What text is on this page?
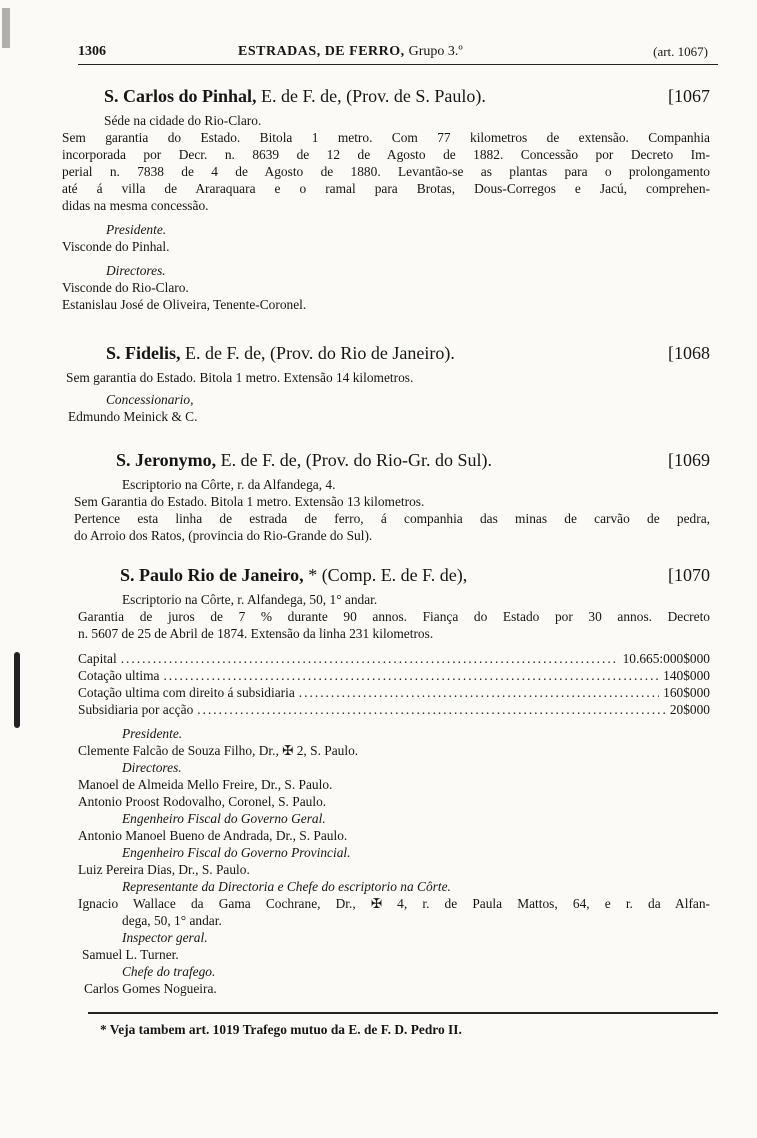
1306	ESTRADAS, DE FERRO, Grupo 3.º	(art. 1067)
S. Carlos do Pinhal, E. de F. de, (Prov. de S. Paulo).	[1067
Séde na cidade do Rio-Claro.
Sem garantia do Estado. Bitola 1 metro. Com 77 kilometros de extensão. Companhia
incorporada por Decr. n. 8639 de 12 de Agosto de 1882. Concessão por Decreto Im-
perial n. 7838 de 4 de Agosto de 1880. Levantão-se as plantas para o prolongamento
até á villa de Araraquara e o ramal para Brotas, Dous-Corregos e Jacú, comprehen-
didas na mesma concessão.
Presidente.
Visconde do Pinhal.
Directores.
Visconde do Rio-Claro.
Estanislau José de Oliveira, Tenente-Coronel.
S. Fidelis, E. de F. de, (Prov. do Rio de Janeiro).	[1068
Sem garantia do Estado. Bitola 1 metro. Extensão 14 kilometros.
Concessionario,
Edmundo Meinick & C.
S. Jeronymo, E. de F. de, (Prov. do Rio-Gr. do Sul).	[1069
Escriptorio na Côrte, r. da Alfandega, 4.
Sem Garantia do Estado. Bitola 1 metro. Extensão 13 kilometros.
Pertence esta linha de estrada de ferro, á companhia das minas de carvão de pedra,
do Arroio dos Ratos, (provincia do Rio-Grande do Sul).
S. Paulo Rio de Janeiro, * (Comp. E. de F. de),	[1070
Escriptorio na Côrte, r. Alfandega, 50, 1° andar.
Garantia de juros de 7 % durante 90 annos. Fiança do Estado por 30 annos. Decreto
n. 5607 de 25 de Abril de 1874. Extensão da linha 231 kilometros.
Capital .....	10.665:000$000
Cotação ultima .....	140$000
Cotação ultima com direito á subsidiaria .....	160$000
Subsidiaria por acção .....	20$000
Presidente.
Clemente Falcão de Souza Filho, Dr., ✠ 2, S. Paulo.
Directores.
Manoel de Almeida Mello Freire, Dr., S. Paulo.
Antonio Proost Rodovalho, Coronel, S. Paulo.
Engenheiro Fiscal do Governo Geral.
Antonio Manoel Bueno de Andrada, Dr., S. Paulo.
Engenheiro Fiscal do Governo Provincial.
Luiz Pereira Dias, Dr., S. Paulo.
Representante da Directoria e Chefe do escriptorio na Côrte.
Ignacio Wallace da Gama Cochrane, Dr., ✠ 4, r. de Paula Mattos, 64, e r. da Alfan-
dega, 50, 1° andar.
Inspector geral.
Samuel L. Turner.
Chefe do trafego.
Carlos Gomes Nogueira.
* Veja tambem art. 1019 Trafego mutuo da E. de F. D. Pedro II.
